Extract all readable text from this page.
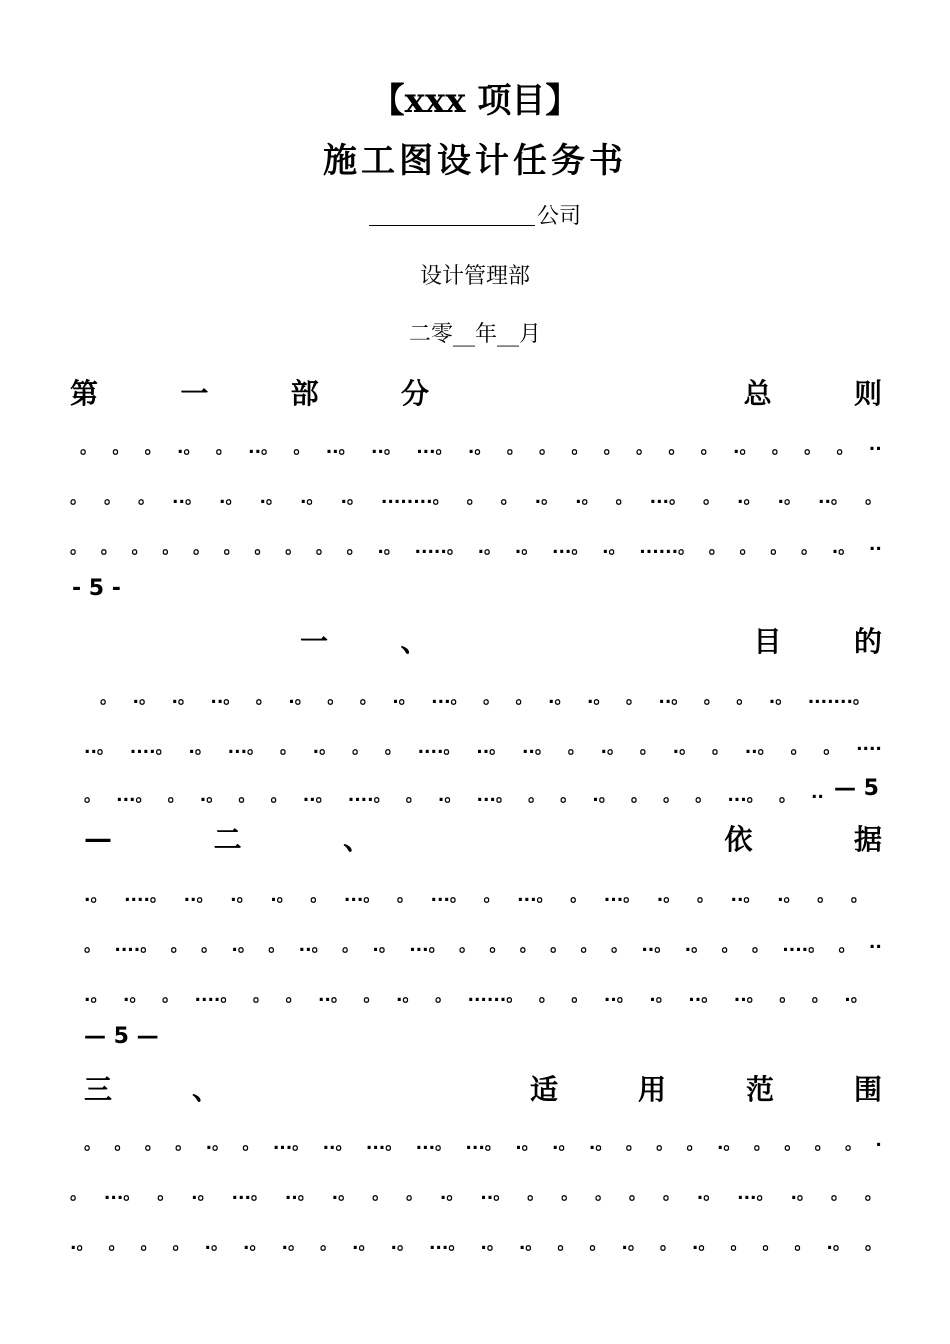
【xxx 项目】
施工图设计任务书
公司
设计管理部
二零__年__月
第	一	部	分	总	则
。 。 。 .。 。 ..。 。 ..。 ..。 ...。 .。 。 。 。 。 。 。 。 .。 。 。 。 ..
。 。 。 ..。 .。 .。 .。 .。 ........。 。 。 .。 .。 。 ...。 。 .。 .。 ..。 。
。 。 。 。 。 。 。 。 。 。 .。 .....。 .。 .。 ...。 .。 ......。 。 。 。 。 .。 ..
- 5 -
一	、	目	的
。 .。 .。 ..。 。 .。 。 。 .。 ...。 。 。 .。 .。 。 ..。 。 。 .。 .......。
..。 ....。 .。 ...。 。 .。 。 。 ....。 ..。 ..。 。 .。 。 .。 。 ..。 。 。 ....
。 ...。 。 .。 。 。 ..。 ....。 。 .。 ...。 。 。 .。 。 。 。 ...。 。 .. — 5
—	二	、	依	据
.。 ....。 ..。 .。 .。 。 ...。 。 ...。 。 ...。 。 ...。 .。 。 ..。 .。 。 。
。 ....。 。 。 .。 。 ..。 。 .。 ...。 。 。 。 。 。 。 ..。 .。 。 。 ....。 。 ..
.。 .。 。 ....。 。 。 ..。 。 .。 。 ......。 。 。 ..。 .。 ..。 ..。 。 。 .。
— 5 —
三	、	适	用	范	围
。 。 。 。 .。 。 ...。 ..。 ...。 ...。 ...。 .。 .。 .。 。 。 。 .。 。 。 。 。 .
。 ...。 。 .。 ...。 ..。 .。 。 。 .。 ..。 。 。 。 。 。 .。 ...。 .。 。 。
.。 。 。 。 .。 .。 .。 。 .。 .。 ...。 .。 .。 。 。 .。 。 .。 。 。 。 .。 。
